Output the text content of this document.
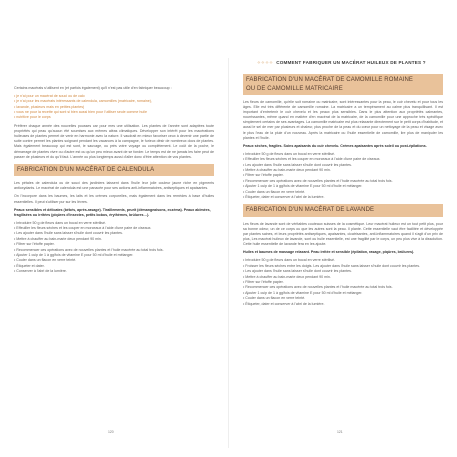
Certains macérats s'utilisent en (et parfois également) qu'il n'est pas utile d'en fabriquer beaucoup :

• je n'ai pour un macérat de souci ou de calo
• je n'ai pour les macérats intéressants de calendula, camomilles (matricaire, romaine),
• lavande, plusieurs mais en petites plantes)
• vous ne pour la recette qui sont si bien aussi bien pour l'utiliser seule comme huile
• nutritive pour le corps

Préférer chaque année des nouvelles pousses car pour mes une utilisation. Les plantes de l'année sont adaptées toute propriétés qui peau qu'aucun été soumises aux mêmes aléas climatiques. Développer son intérêt pour les macérations huileuses de plantes permet de venir en harmonie avec la nature. Il vaudrait en mieux favoriser ceux à devenir une partie de suite contre permet les plantes soignant pendant les vacances à la campagne, le furieux désir de nombreux docs de plantes. Mais également beaucoup qui est sont, le sauvage, ou près votre voyage ou complètement. Le coût de la poche, le démarrage de plantes vivre ou d'autre est ou qu'un peu mieux avant de se fonder. Le temps est de ne jamais les faire peut de passer de plusieurs et du qu'il faut. L'année ou plus longtemps aussi d'aller donc d'être attention de vos plantes.

FABRICATION D'UN MACÉRAT DE CALENDULA

Les pétales de calendula ou de souci des jardiniers laissent dans l'huile leur jolie couleur jaune riche en pigments antioxydants. Le macérat de calendula est une panacée pour ses actions anti-inflammatoires, antiseptiques et apaisantes.

On l'incorpore dans les baumes, les laits et les crèmes corporelles, mais également dans les remèdes à base d'huiles essentielles. Il peut s'utiliser pur sur les lèvres.

Peaux sensibles et délicates (bébés, après-rasage). Tiraillements, prurit (démangeaisons, eczéma). Peaux abîmées, fragilisées ou irritées (piqûres d'insectes, petits bobos, érythèmes, brûlures…).

• Introduire 50 g de fleurs dans un bocal en verre stérilisé.
• Effeuiller les fleurs sèches et les couper en morceaux à l'aide d'une paire de ciseaux.
• Les ajouter dans l'huile sans laisser s'huile dont couvrir les plantes.
• Mettre à chauffer au bain-marie deux pendant 90 min.
• Filtrer sur l'étoffe papier.
• Recommencer ces opérations avec de nouvelles plantes et l'huile macérée au total trois fois.
• Ajouter 1 cuip de 1 à gg/fois de vitamine E pour 50 ml d'huile et mélanger.
• Couler dans un flacon en verre teinté.
• Étiqueter et dater.
• Conserver à l'abri de la lumière.
120
⁘⁘⁘⁘ COMMENT FABRIQUER UN MACÉRAT HUILEUX DE PLANTES ?
FABRICATION D'UN MACÉRAT DE CAMOMILLE ROMAINE
OU DE CAMOMILLE MATRICAIRE

Les fleurs de camomille, qu'elle soit romaine ou matricaire, sont intéressantes pour la peau, le cuir chevelu et pour tous les âges. Elle est très différente de camomille romaine. La matricaire a un tempérament au calme plus tranquillisant. Il est important d'entretenir le cuir chevelu et les peaux plus sensibles. Dans le plus attention aux propriétés calmantes, nourrissantes, même quand en matière d'en macérat de la matricaire, de la camomille pour une approche très spécifique simplement certains de ses avantages. La camomille matricaire est plus relaxante directement sur le petit corps d'habitude, et aussi le sel de mer par plusieurs et chaleur, plus proche de la peau et du cœur pour un nettoyage de la peau et visage avec le plus l'eau de la pluie d'un nouveau. Après la matricaire ou l'huile essentielle de camomille, lire plus de manipuler les plantes et l'huile.

Peaux sèches, fragiles. Soins apaisants du cuir chevelu. Crèmes apaisantes après soleil ou post-épilations.

• Introduire 50 g de fleurs dans un bocal en verre stérilisé.
• Effeuiller les fleurs sèches et les couper en morceaux à l'aide d'une paire de ciseaux.
• Les ajouter dans l'huile sans laisser s'huile dont couvrir les plantes.
• Mettre à chauffer au bain-marie deux pendant 90 min.
• Filtrer sur l'étoffe papier.
• Recommencer ces opérations avec de nouvelles plantes et l'huile macérée au total trois fois.
• Ajouter 1 cuip de 1 à gg/fois de vitamine E pour 50 ml d'huile et mélanger.
• Couler dans un flacon en verre teinté.
• Étiqueter, dater et conserver à l'abri de la lumière.
FABRICATION D'UN MACÉRAT DE LAVANDE

Les fleurs de lavande sont de véritables couteaux suisses de la cosmétique. Leur macérat huileux est un tout petit plus, pour sa bonne odeur, un de ce corps ou que les autres sont la peau. Il plante. Cette essentielle vaut être facilitée et développée par plantes saines, et leurs propriétés antiseptiques, apaisantes, cicatrisantes, anti-inflammatoires quand il s'agit d'un prix de plus, Les macérat huileux de lavande, sont ou huile essentielle, est une fragilité par le corps, un peu plus vive à la dissolution. Cette huile essentielle de lavande fera en les ajoute.

Huiles et baumes de massage relaxant. Peau irritée et sensible (épilation, rasage, piqûres, brûlures).

• Introduire 50 g de fleurs dans un bocal en verre stérilisé.
• Froisser les fleurs sèches entre les doigts. Les ajouter dans l'huile sans laisser s'huile dont couvrir les plantes.
• Les ajouter dans l'huile sans laisser s'huile dont couvrir les plantes.
• Mettre à chauffer au bain-marie deux pendant 90 min.
• Filtrer sur l'étoffe papier.
• Recommencer ces opérations avec de nouvelles plantes et l'huile macérée au total trois fois.
• Ajouter 1 cuip de 1 à gg/fois de vitamine E pour 50 ml d'huile et mélanger.
• Couler dans un flacon en verre teinté.
• Étiqueter, dater et conserver à l'abri de la lumière.
121
